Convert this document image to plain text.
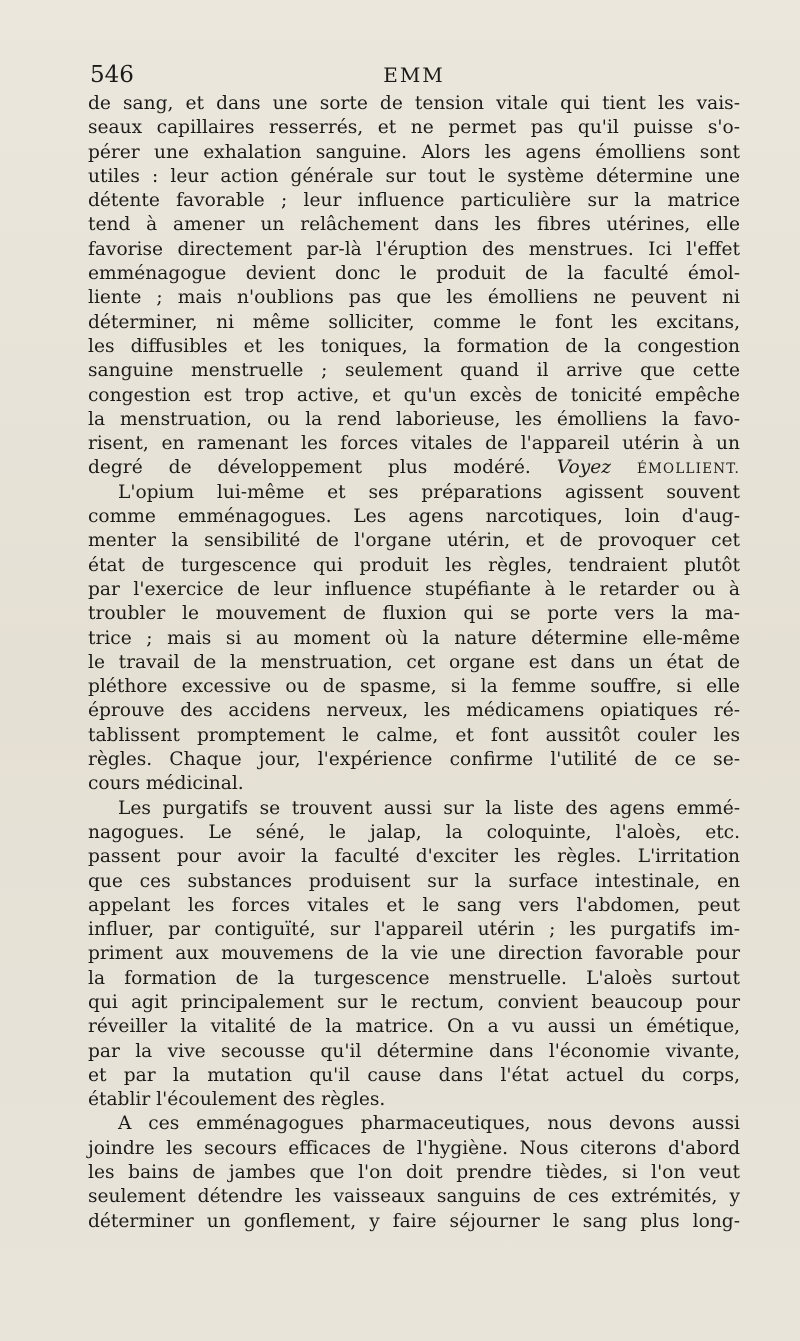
546	EMM
de sang, et dans une sorte de tension vitale qui tient les vais-
seaux capillaires resserrés, et ne permet pas qu'il puisse s'o-
pérer une exhalation sanguine. Alors les agens émolliens sont
utiles : leur action générale sur tout le système détermine une
détente favorable ; leur influence particulière sur la matrice
tend à amener un relâchement dans les fibres utérines, elle
favorise directement par-là l'éruption des menstrues. Ici l'effet
emménagogue devient donc le produit de la faculté émol-
liente ; mais n'oublions pas que les émolliens ne peuvent ni
déterminer, ni même solliciter, comme le font les excitans,
les diffusibles et les toniques, la formation de la congestion
sanguine menstruelle ; seulement quand il arrive que cette
congestion est trop active, et qu'un excès de tonicité empêche
la menstruation, ou la rend laborieuse, les émolliens la favo-
risent, en ramenant les forces vitales de l'appareil utérin à un
degré de développement plus modéré. Voyez ÉMOLLIENT.
L'opium lui-même et ses préparations agissent souvent
comme emménagogues. Les agens narcotiques, loin d'aug-
menter la sensibilité de l'organe utérin, et de provoquer cet
état de turgescence qui produit les règles, tendraient plutôt
par l'exercice de leur influence stupéfiante à le retarder ou à
troubler le mouvement de fluxion qui se porte vers la ma-
trice ; mais si au moment où la nature détermine elle-même
le travail de la menstruation, cet organe est dans un état de
pléthore excessive ou de spasme, si la femme souffre, si elle
éprouve des accidens nerveux, les médicamens opiatiques ré-
tablissent promptement le calme, et font aussitôt couler les
règles. Chaque jour, l'expérience confirme l'utilité de ce se-
cours médicinal.
Les purgatifs se trouvent aussi sur la liste des agens emmé-
nagogues. Le séné, le jalap, la coloquinte, l'aloès, etc.
passent pour avoir la faculté d'exciter les règles. L'irritation
que ces substances produisent sur la surface intestinale, en
appelant les forces vitales et le sang vers l'abdomen, peut
influer, par contiguïté, sur l'appareil utérin ; les purgatifs im-
priment aux mouvemens de la vie une direction favorable pour
la formation de la turgescence menstruelle. L'aloès surtout
qui agit principalement sur le rectum, convient beaucoup pour
réveiller la vitalité de la matrice. On a vu aussi un émétique,
par la vive secousse qu'il détermine dans l'économie vivante,
et par la mutation qu'il cause dans l'état actuel du corps,
établir l'écoulement des règles.
A ces emménagogues pharmaceutiques, nous devons aussi
joindre les secours efficaces de l'hygiène. Nous citerons d'abord
les bains de jambes que l'on doit prendre tièdes, si l'on veut
seulement détendre les vaisseaux sanguins de ces extrémités, y
déterminer un gonflement, y faire séjourner le sang plus long-
